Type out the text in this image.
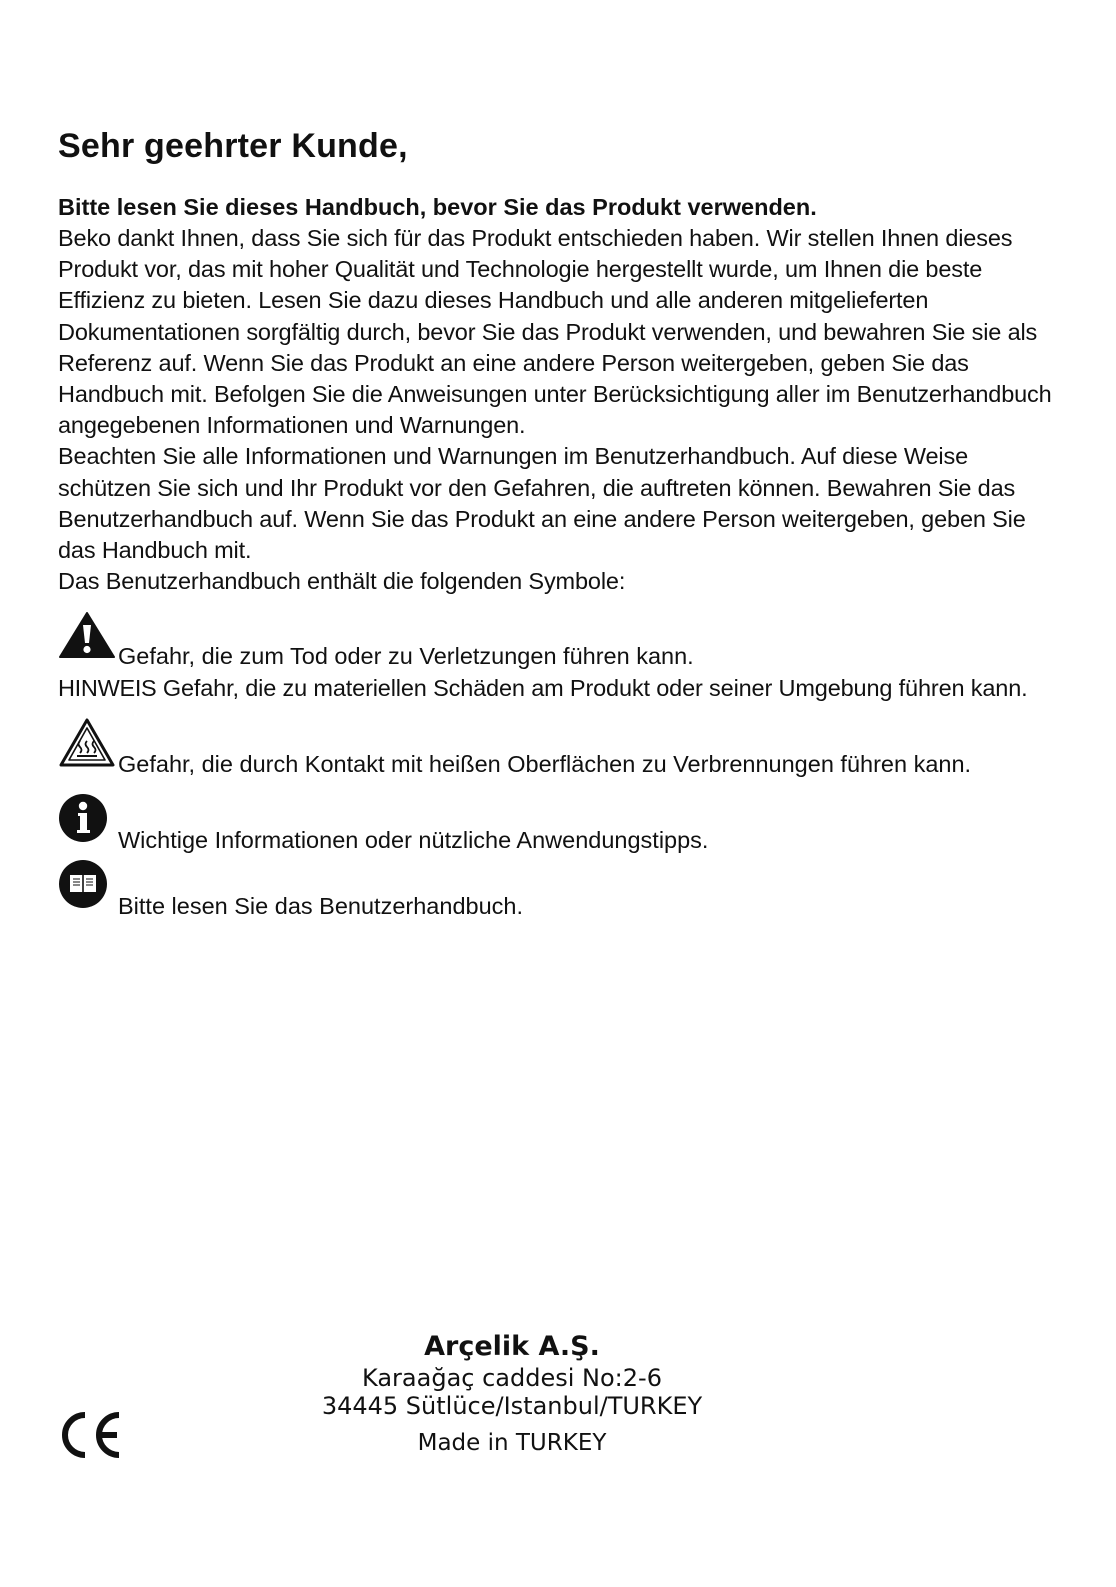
Sehr geehrter Kunde,

Bitte lesen Sie dieses Handbuch, bevor Sie das Produkt verwenden.

Beko dankt Ihnen, dass Sie sich für das Produkt entschieden haben. Wir stellen Ihnen dieses Produkt vor, das mit hoher Qualität und Technologie hergestellt wurde, um Ihnen die beste Effizienz zu bieten. Lesen Sie dazu dieses Handbuch und alle anderen mitgelieferten Dokumentationen sorgfältig durch, bevor Sie das Produkt verwenden, und bewahren Sie sie als Referenz auf. Wenn Sie das Produkt an eine andere Person weitergeben, geben Sie das Handbuch mit. Befolgen Sie die Anweisungen unter Berücksichtigung aller im Benutzerhandbuch angegebenen Informationen und Warnungen.

Beachten Sie alle Informationen und Warnungen im Benutzerhandbuch. Auf diese Weise schützen Sie sich und Ihr Produkt vor den Gefahren, die auftreten können. Bewahren Sie das Benutzerhandbuch auf. Wenn Sie das Produkt an eine andere Person weitergeben, geben Sie das Handbuch mit.

Das Benutzerhandbuch enthält die folgenden Symbole:

Gefahr, die zum Tod oder zu Verletzungen führen kann.
HINWEIS Gefahr, die zu materiellen Schäden am Produkt oder seiner Umgebung führen kann.
Gefahr, die durch Kontakt mit heißen Oberflächen zu Verbrennungen führen kann.
Wichtige Informationen oder nützliche Anwendungstipps.
Bitte lesen Sie das Benutzerhandbuch.
Arçelik A.Ş.
Karaağaç caddesi No:2-6
34445 Sütlüce/Istanbul/TURKEY
Made in TURKEY
